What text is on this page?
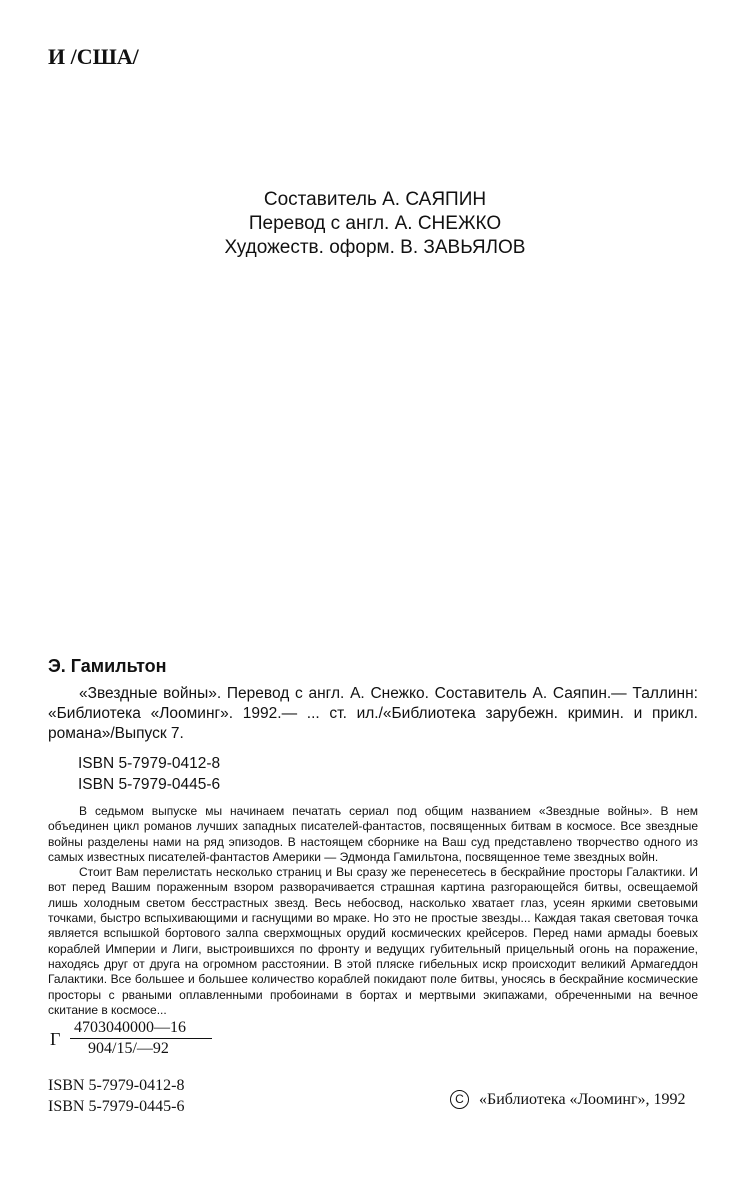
И /США/
Составитель А. САЯПИН
Перевод с англ. А. СНЕЖКО
Художеств. оформ. В. ЗАВЬЯЛОВ
Э. Гамильтон
«Звездные войны». Перевод с англ. А. Снежко. Составитель А. Саяпин.— Таллинн: «Библиотека «Лооминг». 1992.— ... ст. ил./«Библиотека зарубежн. кримин. и прикл. романа»/Выпуск 7.
ISBN 5-7979-0412-8
ISBN 5-7979-0445-6

В седьмом выпуске мы начинаем печатать сериал под общим названием «Звездные войны». В нем объединен цикл романов лучших западных писателей-фантастов, посвященных битвам в космосе. Все звездные войны разделены нами на ряд эпизодов. В настоящем сборнике на Ваш суд представлено творчество одного из самых известных писателей-фантастов Америки — Эдмонда Гамильтона, посвященное теме звездных войн.

Стоит Вам перелистать несколько страниц и Вы сразу же перенесетесь в бескрайние просторы Галактики. И вот перед Вашим пораженным взором разворачивается страшная картина разгорающейся битвы, освещаемой лишь холодным светом бесстрастных звезд. Весь небосвод, насколько хватает глаз, усеян яркими световыми точками, быстро вспыхивающими и гаснущими во мраке. Но это не простые звезды... Каждая такая световая точка является вспышкой бортового залпа сверхмощных орудий космических крейсеров. Перед нами армады боевых кораблей Империи и Лиги, выстроившихся по фронту и ведущих губительный прицельный огонь на поражение, находясь друг от друга на огромном расстоянии. В этой пляске гибельных искр происходит великий Армагеддон Галактики. Все большее и большее количество кораблей покидают поле битвы, уносясь в бескрайние космические просторы с рваными оплавленными пробоинами в бортах и мертвыми экипажами, обреченными на вечное скитание в космосе...

Г
4703040000—16
904/15/—92
ISBN 5-7979-0412-8
ISBN 5-7979-0445-6	C «Библиотека «Лооминг», 1992
